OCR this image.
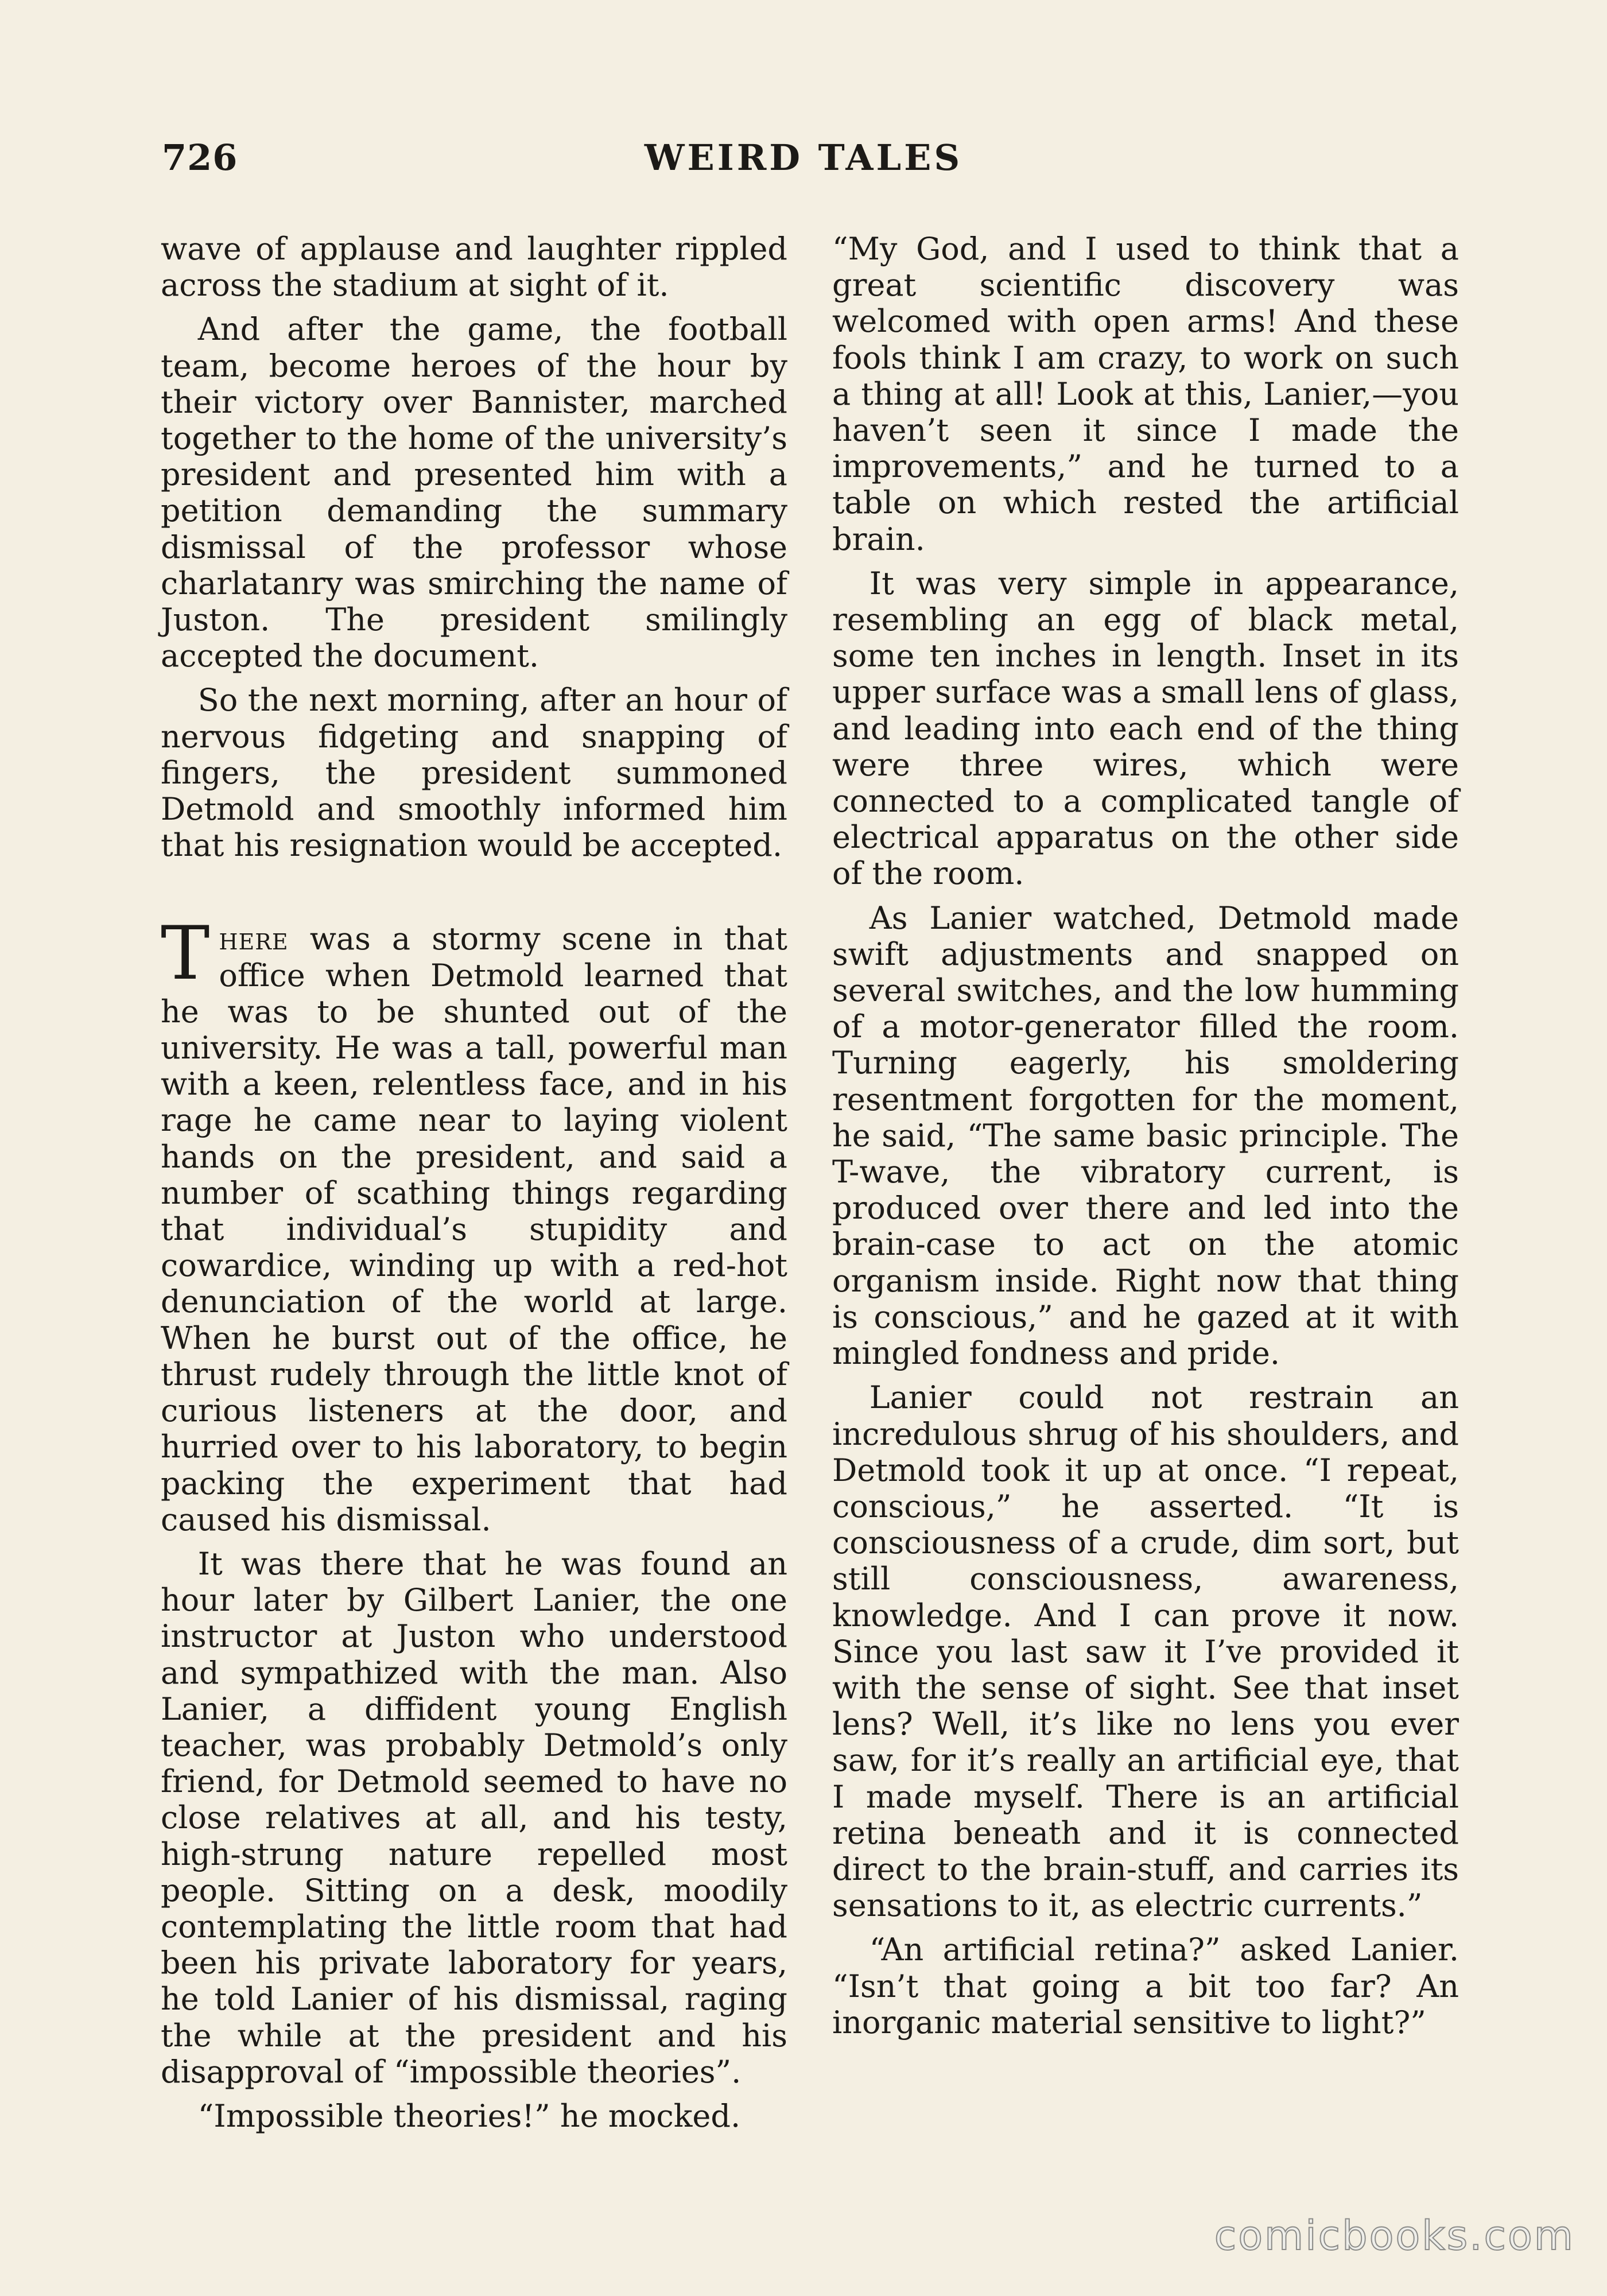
726	WEIRD TALES

wave of applause and laughter rippled across the stadium at sight of it.

And after the game, the football team, become heroes of the hour by their victory over Bannister, marched together to the home of the university’s president and presented him with a petition demanding the summary dismissal of the professor whose charlatanry was smirching the name of Juston. The president smilingly accepted the document.

So the next morning, after an hour of nervous fidgeting and snapping of fingers, the president summoned Detmold and smoothly informed him that his resignation would be accepted.

There was a stormy scene in that office when Detmold learned that he was to be shunted out of the university. He was a tall, powerful man with a keen, relentless face, and in his rage he came near to laying violent hands on the president, and said a number of scathing things regarding that individual’s stupidity and cowardice, winding up with a red-hot denunciation of the world at large. When he burst out of the office, he thrust rudely through the little knot of curious listeners at the door, and hurried over to his laboratory, to begin packing the experiment that had caused his dismissal.

It was there that he was found an hour later by Gilbert Lanier, the one instructor at Juston who understood and sympathized with the man. Also Lanier, a diffident young English teacher, was probably Detmold’s only friend, for Detmold seemed to have no close relatives at all, and his testy, high-strung nature repelled most people. Sitting on a desk, moodily contemplating the little room that had been his private laboratory for years, he told Lanier of his dismissal, raging the while at the president and his disapproval of “impossible theories”.

“Impossible theories!” he mocked.

“My God, and I used to think that a great scientific discovery was welcomed with open arms! And these fools think I am crazy, to work on such a thing at all! Look at this, Lanier,—you haven’t seen it since I made the improvements,” and he turned to a table on which rested the artificial brain.

It was very simple in appearance, resembling an egg of black metal, some ten inches in length. Inset in its upper surface was a small lens of glass, and leading into each end of the thing were three wires, which were connected to a complicated tangle of electrical apparatus on the other side of the room.

As Lanier watched, Detmold made swift adjustments and snapped on several switches, and the low humming of a motor-generator filled the room. Turning eagerly, his smoldering resentment forgotten for the moment, he said, “The same basic principle. The T-wave, the vibratory current, is produced over there and led into the brain-case to act on the atomic organism inside. Right now that thing is conscious,” and he gazed at it with mingled fondness and pride.

Lanier could not restrain an incredulous shrug of his shoulders, and Detmold took it up at once. “I repeat, conscious,” he asserted. “It is consciousness of a crude, dim sort, but still consciousness, awareness, knowledge. And I can prove it now. Since you last saw it I’ve provided it with the sense of sight. See that inset lens? Well, it’s like no lens you ever saw, for it’s really an artificial eye, that I made myself. There is an artificial retina beneath and it is connected direct to the brain-stuff, and carries its sensations to it, as electric currents.”

“An artificial retina?” asked Lanier. “Isn’t that going a bit too far? An inorganic material sensitive to light?”

comicbooks.com
